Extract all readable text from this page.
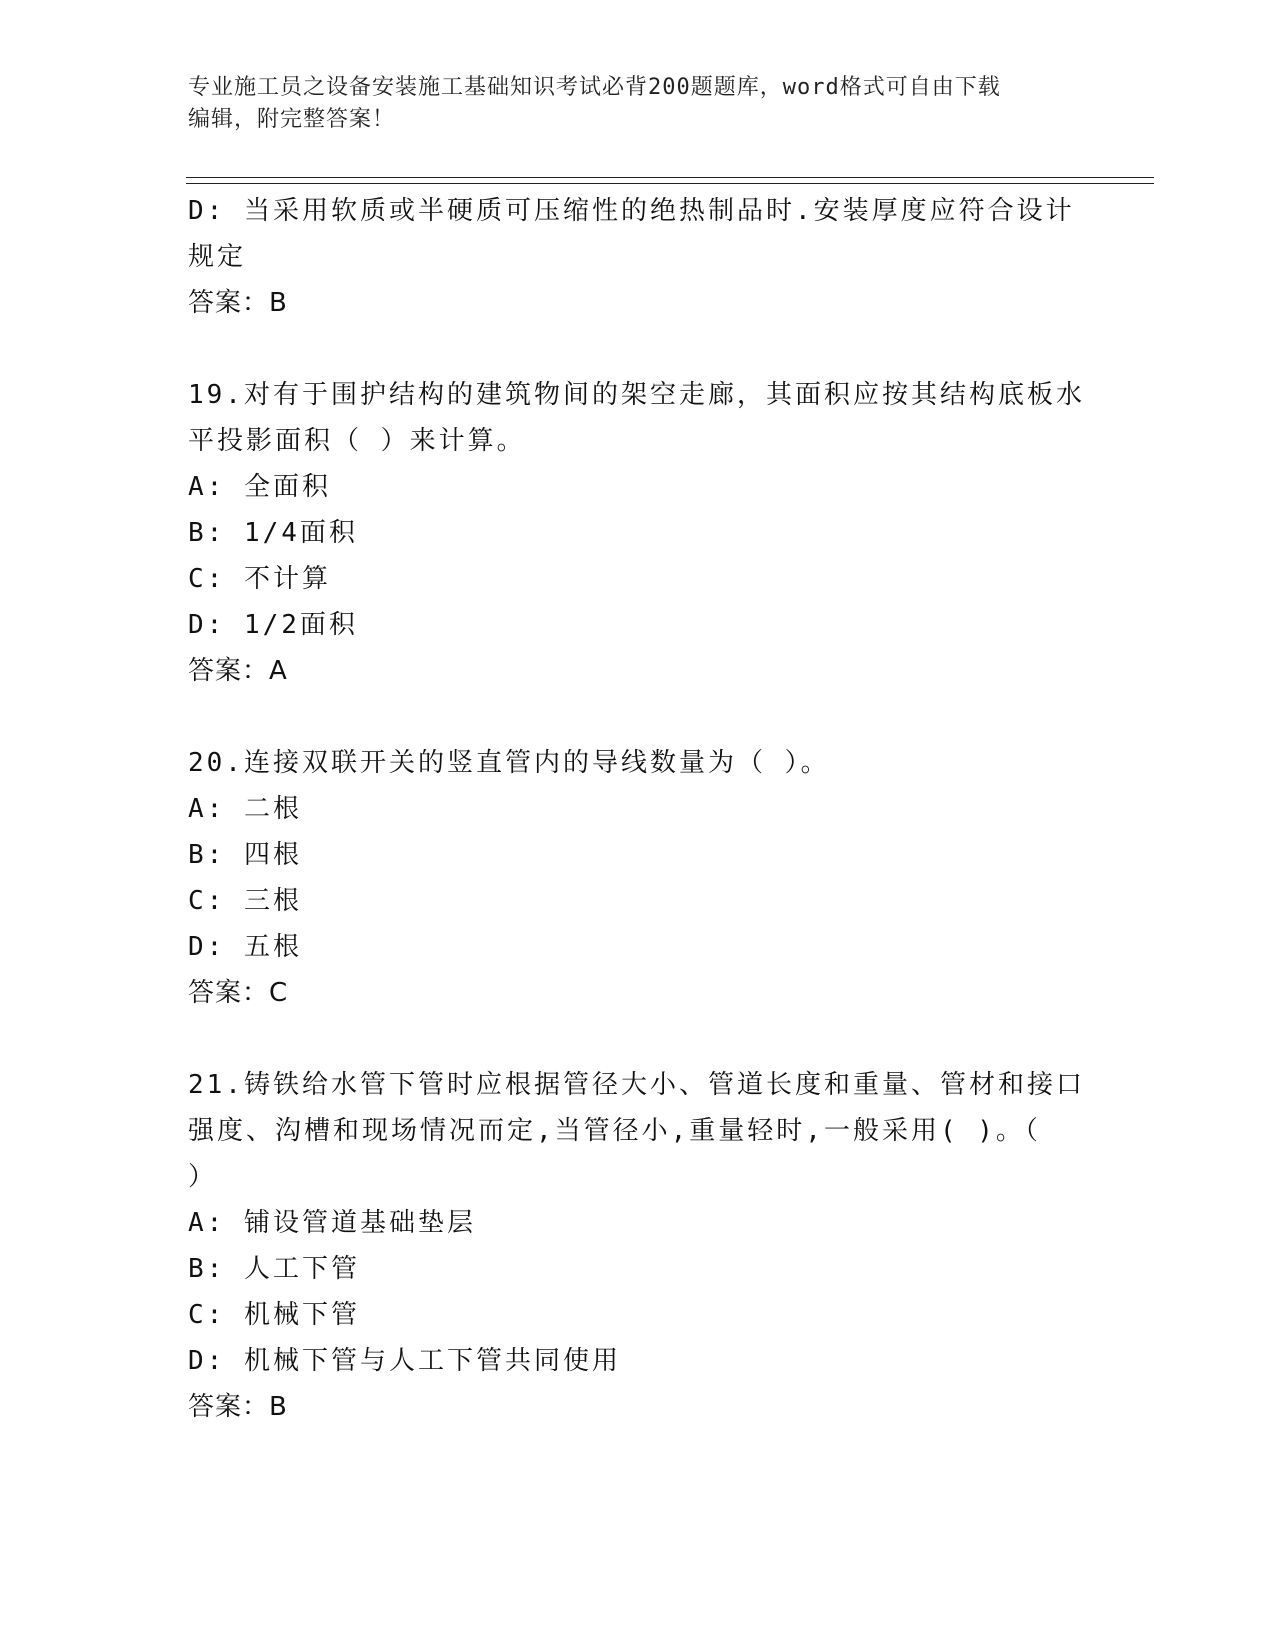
专业施工员之设备安装施工基础知识考试必背200题题库，word格式可自由下载
编辑，附完整答案！
D: 当采用软质或半硬质可压缩性的绝热制品时.安装厚度应符合设计
规定
答案：B
19.对有于围护结构的建筑物间的架空走廊，其面积应按其结构底板水
平投影面积（ ）来计算。
A: 全面积
B: 1/4面积
C: 不计算
D: 1/2面积
答案：A
20.连接双联开关的竖直管内的导线数量为（ ）。
A: 二根
B: 四根
C: 三根
D: 五根
答案：C
21.铸铁给水管下管时应根据管径大小、管道长度和重量、管材和接口
强度、沟槽和现场情况而定,当管径小,重量轻时,一般采用( )。（
）
A: 铺设管道基础垫层
B: 人工下管
C: 机械下管
D: 机械下管与人工下管共同使用
答案：B
